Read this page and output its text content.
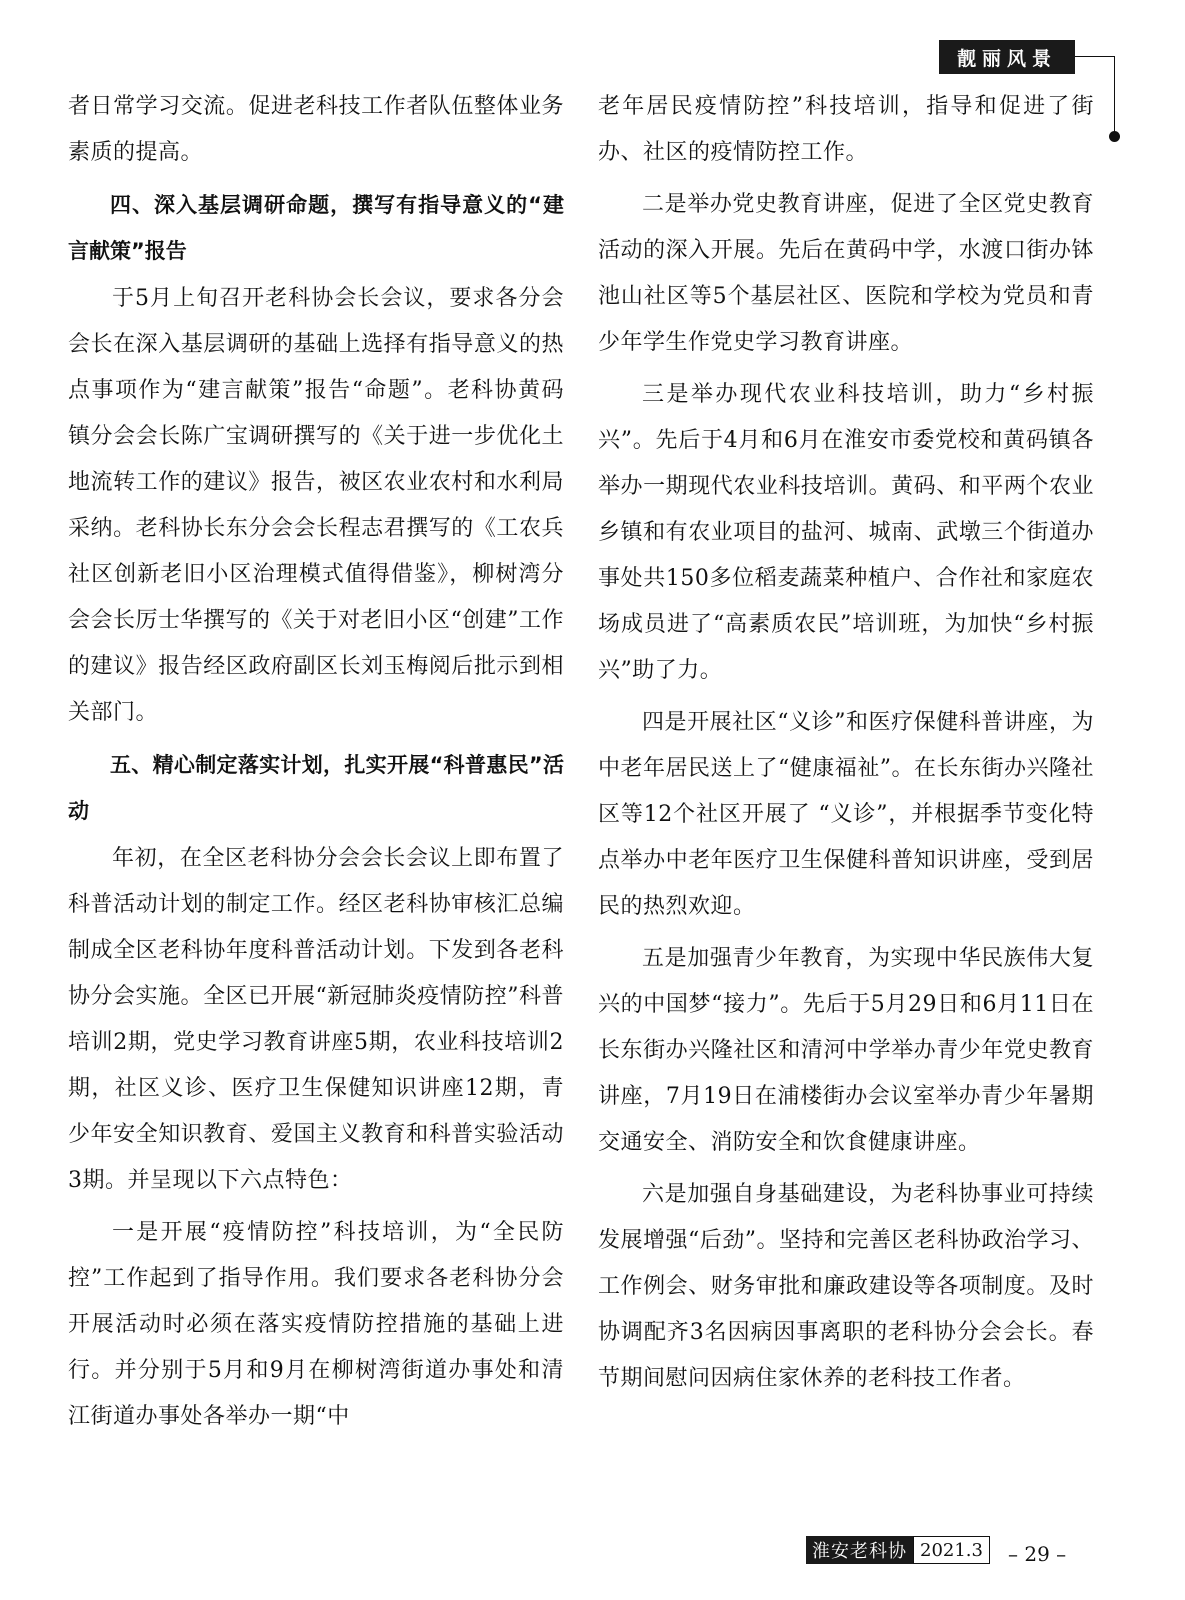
靓丽风景

者日常学习交流。促进老科技工作者队伍整体业务素质的提高。

四、深入基层调研命题，撰写有指导意义的“建言献策”报告

于5月上旬召开老科协会长会议，要求各分会会长在深入基层调研的基础上选择有指导意义的热点事项作为“建言献策”报告“命题”。老科协黄码镇分会会长陈广宝调研撰写的《关于进一步优化土地流转工作的建议》报告，被区农业农村和水利局采纳。老科协长东分会会长程志君撰写的《工农兵社区创新老旧小区治理模式值得借鉴》，柳树湾分会会长厉士华撰写的《关于对老旧小区“创建”工作的建议》报告经区政府副区长刘玉梅阅后批示到相关部门。

五、精心制定落实计划，扎实开展“科普惠民”活动

年初，在全区老科协分会会长会议上即布置了科普活动计划的制定工作。经区老科协审核汇总编制成全区老科协年度科普活动计划。下发到各老科协分会实施。全区已开展“新冠肺炎疫情防控”科普培训2期，党史学习教育讲座5期，农业科技培训2期，社区义诊、医疗卫生保健知识讲座12期，青少年安全知识教育、爱国主义教育和科普实验活动3期。并呈现以下六点特色：

一是开展“疫情防控”科技培训，为“全民防控”工作起到了指导作用。我们要求各老科协分会开展活动时必须在落实疫情防控措施的基础上进行。并分别于5月和9月在柳树湾街道办事处和清江街道办事处各举办一期“中

老年居民疫情防控”科技培训，指导和促进了街办、社区的疫情防控工作。

二是举办党史教育讲座，促进了全区党史教育活动的深入开展。先后在黄码中学，水渡口街办钵池山社区等5个基层社区、医院和学校为党员和青少年学生作党史学习教育讲座。

三是举办现代农业科技培训，助力“乡村振兴”。先后于4月和6月在淮安市委党校和黄码镇各举办一期现代农业科技培训。黄码、和平两个农业乡镇和有农业项目的盐河、城南、武墩三个街道办事处共150多位稻麦蔬菜种植户、合作社和家庭农场成员进了“高素质农民”培训班，为加快“乡村振兴”助了力。

四是开展社区“义诊”和医疗保健科普讲座，为中老年居民送上了“健康福祉”。在长东街办兴隆社区等12个社区开展了 “义诊”，并根据季节变化特点举办中老年医疗卫生保健科普知识讲座，受到居民的热烈欢迎。

五是加强青少年教育，为实现中华民族伟大复兴的中国梦“接力”。先后于5月29日和6月11日在长东街办兴隆社区和清河中学举办青少年党史教育讲座，7月19日在浦楼街办会议室举办青少年暑期交通安全、消防安全和饮食健康讲座。

六是加强自身基础建设，为老科协事业可持续发展增强“后劲”。坚持和完善区老科协政治学习、工作例会、财务审批和廉政建设等各项制度。及时协调配齐3名因病因事离职的老科协分会会长。春节期间慰问因病住家休养的老科技工作者。

淮安老科协 2021.3	– 29 –
